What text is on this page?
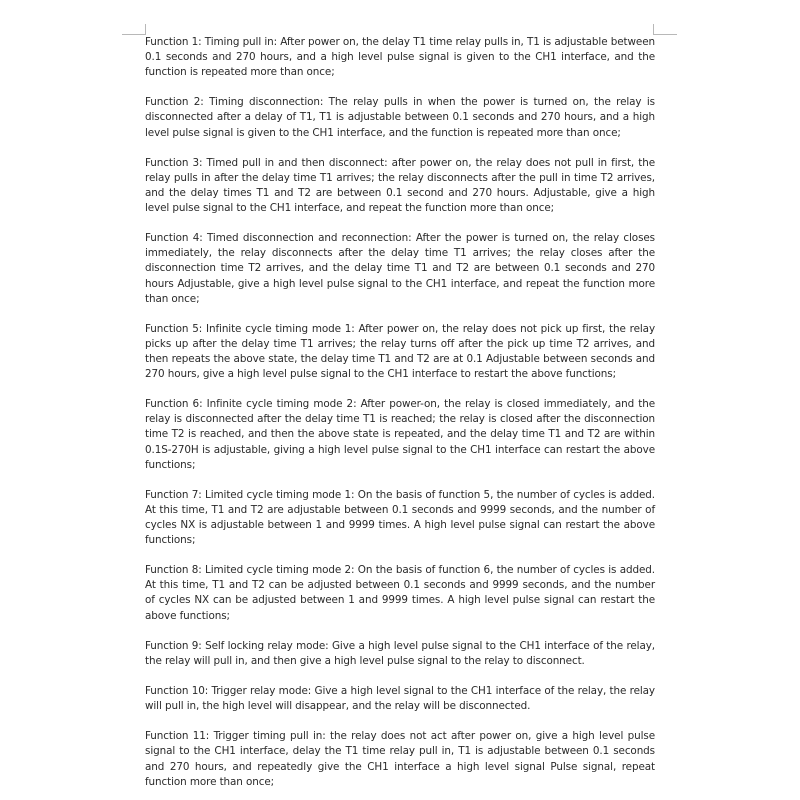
Function 1: Timing pull in: After power on, the delay T1 time relay pulls in, T1 is adjustable between 0.1 seconds and 270 hours, and a high level pulse signal is given to the CH1 interface, and the function is repeated more than once;

Function 2: Timing disconnection: The relay pulls in when the power is turned on, the relay is disconnected after a delay of T1, T1 is adjustable between 0.1 seconds and 270 hours, and a high level pulse signal is given to the CH1 interface, and the function is repeated more than once;

Function 3: Timed pull in and then disconnect: after power on, the relay does not pull in first, the relay pulls in after the delay time T1 arrives; the relay disconnects after the pull in time T2 arrives, and the delay times T1 and T2 are between 0.1 second and 270 hours. Adjustable, give a high level pulse signal to the CH1 interface, and repeat the function more than once;

Function 4: Timed disconnection and reconnection: After the power is turned on, the relay closes immediately, the relay disconnects after the delay time T1 arrives; the relay closes after the disconnection time T2 arrives, and the delay time T1 and T2 are between 0.1 seconds and 270 hours Adjustable, give a high level pulse signal to the CH1 interface, and repeat the function more than once;

Function 5: Infinite cycle timing mode 1: After power on, the relay does not pick up first, the relay picks up after the delay time T1 arrives; the relay turns off after the pick up time T2 arrives, and then repeats the above state, the delay time T1 and T2 are at 0.1 Adjustable between seconds and 270 hours, give a high level pulse signal to the CH1 interface to restart the above functions;

Function 6: Infinite cycle timing mode 2: After power-on, the relay is closed immediately, and the relay is disconnected after the delay time T1 is reached; the relay is closed after the disconnection time T2 is reached, and then the above state is repeated, and the delay time T1 and T2 are within 0.1S-270H is adjustable, giving a high level pulse signal to the CH1 interface can restart the above functions;

Function 7: Limited cycle timing mode 1: On the basis of function 5, the number of cycles is added. At this time, T1 and T2 are adjustable between 0.1 seconds and 9999 seconds, and the number of cycles NX is adjustable between 1 and 9999 times. A high level pulse signal can restart the above functions;

Function 8: Limited cycle timing mode 2: On the basis of function 6, the number of cycles is added. At this time, T1 and T2 can be adjusted between 0.1 seconds and 9999 seconds, and the number of cycles NX can be adjusted between 1 and 9999 times. A high level pulse signal can restart the above functions;

Function 9: Self locking relay mode: Give a high level pulse signal to the CH1 interface of the relay, the relay will pull in, and then give a high level pulse signal to the relay to disconnect.

Function 10: Trigger relay mode: Give a high level signal to the CH1 interface of the relay, the relay will pull in, the high level will disappear, and the relay will be disconnected.

Function 11: Trigger timing pull in: the relay does not act after power on, give a high level pulse signal to the CH1 interface, delay the T1 time relay pull in, T1 is adjustable between 0.1 seconds and 270 hours, and repeatedly give the CH1 interface a high level signal Pulse signal, repeat function more than once;
